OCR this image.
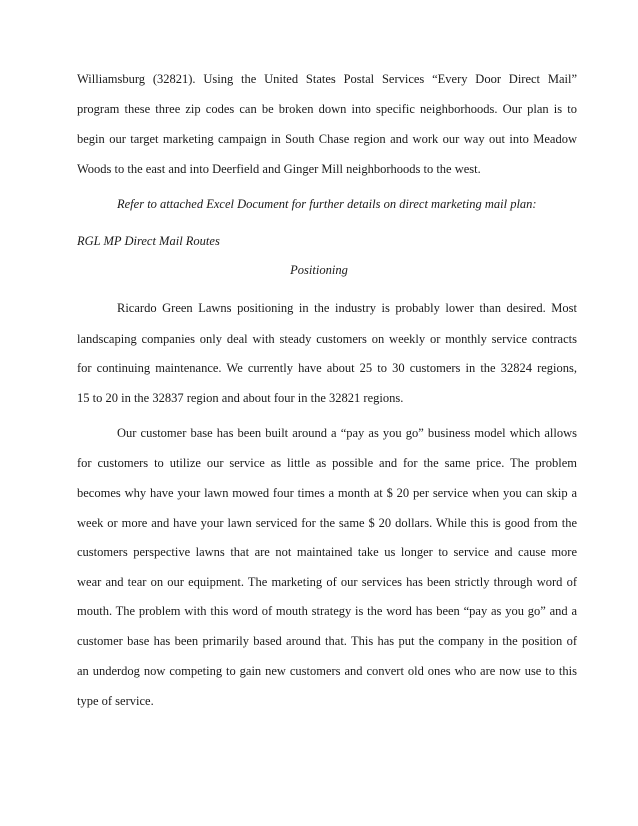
Williamsburg (32821). Using the United States Postal Services “Every Door Direct Mail”
program these three zip codes can be broken down into specific neighborhoods. Our plan is to
begin our target marketing campaign in South Chase region and work our way out into Meadow
Woods to the east and into Deerfield and Ginger Mill neighborhoods to the west.
Refer to attached Excel Document for further details on direct marketing mail plan:
RGL MP Direct Mail Routes
Positioning
Ricardo Green Lawns positioning in the industry is probably lower than desired. Most
landscaping companies only deal with steady customers on weekly or monthly service contracts
for continuing maintenance. We currently have about 25 to 30 customers in the 32824 regions,
15 to 20 in the 32837 region and about four in the 32821 regions.
Our customer base has been built around a “pay as you go” business model which allows
for customers to utilize our service as little as possible and for the same price. The problem
becomes why have your lawn mowed four times a month at $ 20 per service when you can skip a
week or more and have your lawn serviced for the same $ 20 dollars. While this is good from the
customers perspective lawns that are not maintained take us longer to service and cause more
wear and tear on our equipment. The marketing of our services has been strictly through word of
mouth. The problem with this word of mouth strategy is the word has been “pay as you go” and a
customer base has been primarily based around that. This has put the company in the position of
an underdog now competing to gain new customers and convert old ones who are now use to this
type of service.
